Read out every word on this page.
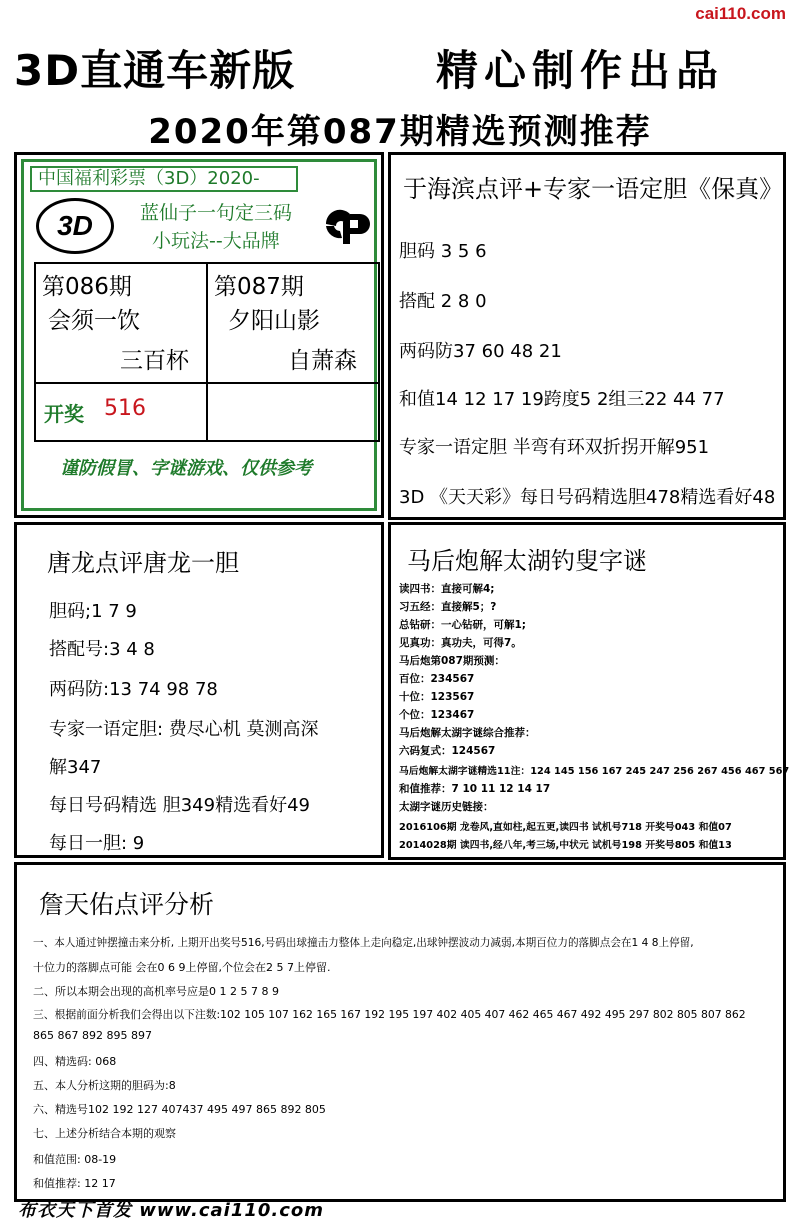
cai110.com
3D直通车新版	精心制作出品
2020年第087期精选预测推荐
中国福利彩票（3D）2020-
3D	蓝仙子一句定三码
小玩法--大品牌
第086期
会须一饮
三百杯
第087期
夕阳山影
自萧森
开奖 516
谨防假冒、字谜游戏、仅供参考
于海滨点评+专家一语定胆《保真》
胆码 3 5 6
搭配 2 8 0
两码防37 60 48 21
和值14 12 17 19跨度5 2组三22 44 77
专家一语定胆 半弯有环双折拐开解951
3D 《天天彩》每日号码精选胆478精选看好48
唐龙点评唐龙一胆
胆码;1 7 9
搭配号:3 4 8
两码防:13 74 98 78
专家一语定胆: 费尽心机 莫测高深
解347
每日号码精选 胆349精选看好49
每日一胆: 9
马后炮解太湖钓叟字谜
读四书：直接可解4;
习五经：直接解5；?
总钻研：一心钻研，可解1;
见真功：真功夫，可得7。
马后炮第087期预测：
百位：234567
十位：123567
个位：123467
马后炮解太湖字谜综合推荐：
六码复式：124567
马后炮解太湖字谜精选11注：124 145 156 167 245 247 256 267 456 467 567
和值推荐：7 10 11 12 14 17
太湖字谜历史链接：
2016106期 龙卷风,直如柱,起五更,读四书 试机号718 开奖号043 和值07
2014028期 读四书,经八年,考三场,中状元 试机号198 开奖号805 和值13
詹天佑点评分析
一、本人通过钟摆撞击来分析, 上期开出奖号516,号码出球撞击力整体上走向稳定,出球钟摆波动力减弱,本期百位力的落脚点会在1 4 8上停留,
十位力的落脚点可能 会在0 6 9上停留,个位会在2 5 7上停留.
二、所以本期会出现的高机率号应是0 1 2 5 7 8 9
三、根据前面分析我们会得出以下注数:102 105 107 162 165 167 192 195 197 402 405 407 462 465 467 492 495 297 802 805 807 862
865 867 892 895 897
四、精选码: 068
五、本人分析这期的胆码为:8
六、精选号102 192 127 407437 495 497 865 892 805
七、上述分析结合本期的观察
和值范围: 08-19
和值推荐: 12 17
布衣天下首发 www.cai110.com
